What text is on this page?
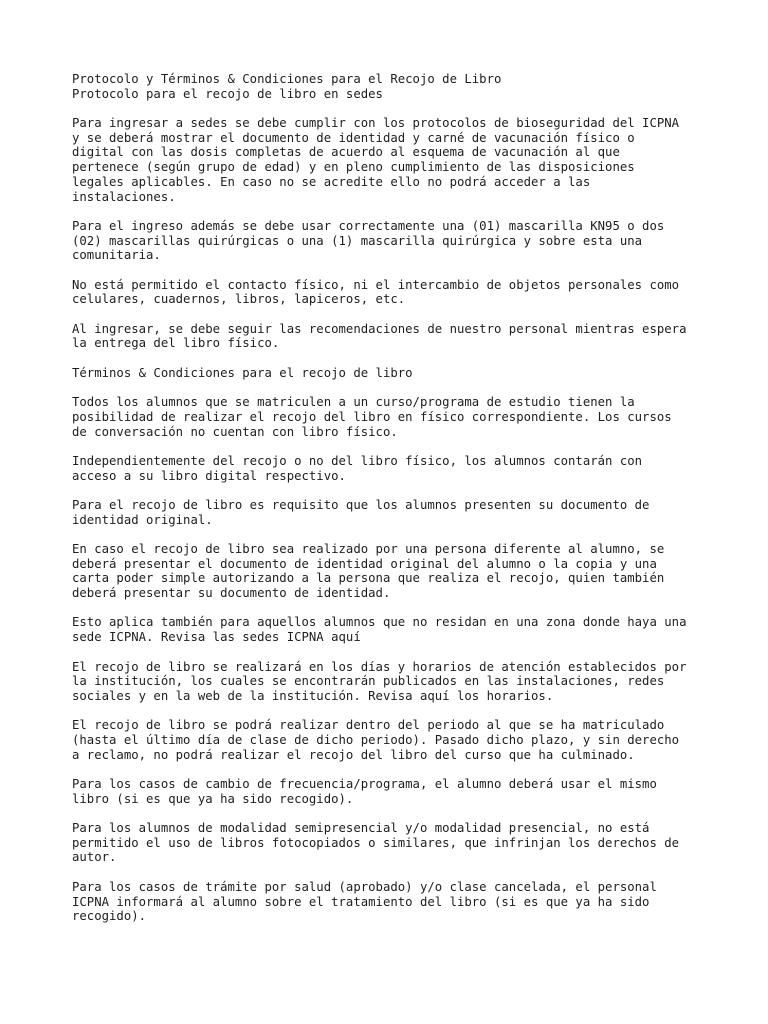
Protocolo y Términos & Condiciones para el Recojo de Libro
Protocolo para el recojo de libro en sedes
Para ingresar a sedes se debe cumplir con los protocolos de bioseguridad del ICPNA
y se deberá mostrar el documento de identidad y carné de vacunación físico o
digital con las dosis completas de acuerdo al esquema de vacunación al que
pertenece (según grupo de edad) y en pleno cumplimiento de las disposiciones
legales aplicables. En caso no se acredite ello no podrá acceder a las
instalaciones.
Para el ingreso además se debe usar correctamente una (01) mascarilla KN95 o dos
(02) mascarillas quirúrgicas o una (1) mascarilla quirúrgica y sobre esta una
comunitaria.
No está permitido el contacto físico, ni el intercambio de objetos personales como
celulares, cuadernos, libros, lapiceros, etc.
Al ingresar, se debe seguir las recomendaciones de nuestro personal mientras espera
la entrega del libro físico.
Términos & Condiciones para el recojo de libro
Todos los alumnos que se matriculen a un curso/programa de estudio tienen la
posibilidad de realizar el recojo del libro en físico correspondiente. Los cursos
de conversación no cuentan con libro físico.
Independientemente del recojo o no del libro físico, los alumnos contarán con
acceso a su libro digital respectivo.
Para el recojo de libro es requisito que los alumnos presenten su documento de
identidad original.
En caso el recojo de libro sea realizado por una persona diferente al alumno, se
deberá presentar el documento de identidad original del alumno o la copia y una
carta poder simple autorizando a la persona que realiza el recojo, quien también
deberá presentar su documento de identidad.
Esto aplica también para aquellos alumnos que no residan en una zona donde haya una
sede ICPNA. Revisa las sedes ICPNA aquí
El recojo de libro se realizará en los días y horarios de atención establecidos por
la institución, los cuales se encontrarán publicados en las instalaciones, redes
sociales y en la web de la institución. Revisa aquí los horarios.
El recojo de libro se podrá realizar dentro del periodo al que se ha matriculado
(hasta el último día de clase de dicho periodo). Pasado dicho plazo, y sin derecho
a reclamo, no podrá realizar el recojo del libro del curso que ha culminado.
Para los casos de cambio de frecuencia/programa, el alumno deberá usar el mismo
libro (si es que ya ha sido recogido).
Para los alumnos de modalidad semipresencial y/o modalidad presencial, no está
permitido el uso de libros fotocopiados o similares, que infrinjan los derechos de
autor.
Para los casos de trámite por salud (aprobado) y/o clase cancelada, el personal
ICPNA informará al alumno sobre el tratamiento del libro (si es que ya ha sido
recogido).
